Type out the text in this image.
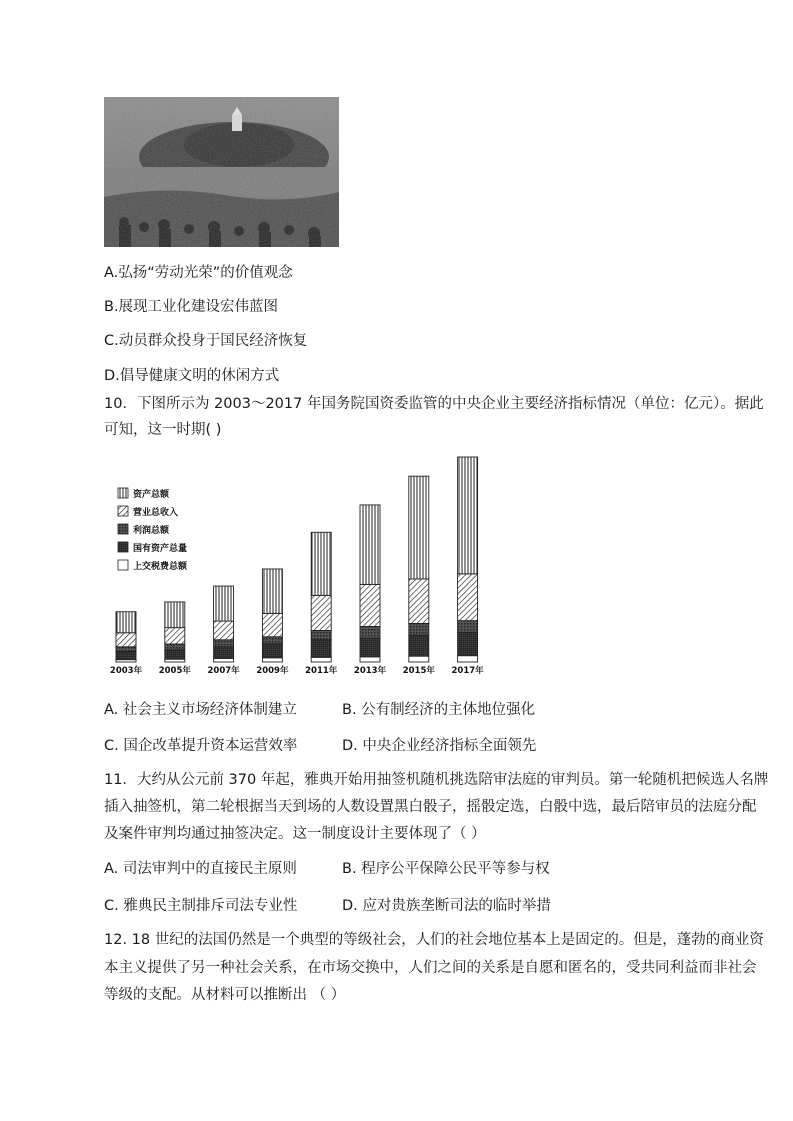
A.弘扬“劳动光荣”的价值观念
B.展现工业化建设宏伟蓝图
C.动员群众投身于国民经济恢复
D.倡导健康文明的休闲方式
10．下图所示为 2003～2017 年国务院国资委监管的中央企业主要经济指标情况（单位：亿元）。据此
可知，这一时期( )
资产总额
营业总收入
利润总额
国有资产总量
上交税费总额
2003年 2005年 2007年 2009年 2011年 2013年 2015年 2017年
A. 社会主义市场经济体制建立	B. 公有制经济的主体地位强化
C. 国企改革提升资本运营效率	D. 中央企业经济指标全面领先
11．大约从公元前 370 年起，雅典开始用抽签机随机挑选陪审法庭的审判员。第一轮随机把候选人名牌
插入抽签机，第二轮根据当天到场的人数设置黑白骰子，摇骰定选，白骰中选，最后陪审员的法庭分配
及案件审判均通过抽签决定。这一制度设计主要体现了（ ）
A. 司法审判中的直接民主原则	B. 程序公平保障公民平等参与权
C. 雅典民主制排斥司法专业性	D. 应对贵族垄断司法的临时举措
12. 18 世纪的法国仍然是一个典型的等级社会，人们的社会地位基本上是固定的。但是，蓬勃的商业资
本主义提供了另一种社会关系，在市场交换中，人们之间的关系是自愿和匿名的，受共同利益而非社会
等级的支配。从材料可以推断出 （ ）
